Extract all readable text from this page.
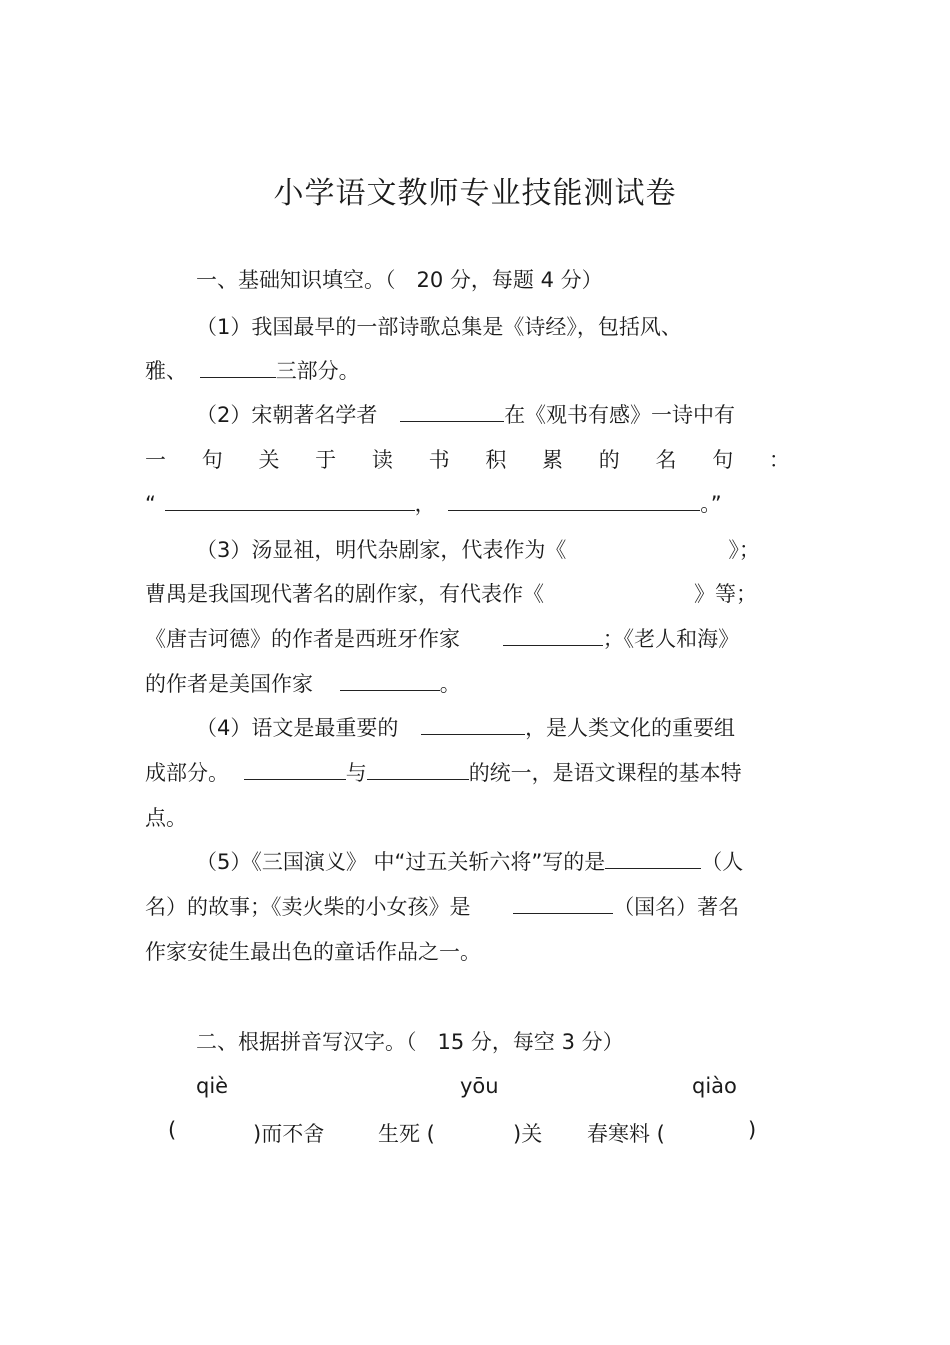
小学语文教师专业技能测试卷
一、基础知识填空。（　20 分，每题 4 分）
（1）我国最早的一部诗歌总集是《诗经》，包括风、
雅、	三部分。
（2）宋朝著名学者	在《观书有感》一诗中有
一 句 关 于 读 书 积 累 的 名 句 ：
“	，	。”
（3）汤显祖，明代杂剧家，代表作为《	》；
曹禺是我国现代著名的剧作家，有代表作《	》等；
《唐吉诃德》的作者是西班牙作家	；《老人和海》
的作者是美国作家	。
（4）语文是最重要的	，是人类文化的重要组
成部分。	与	的统一，是语文课程的基本特
点。
（5）《三国演义》 中“过五关斩六将”写的是	（人
名）的故事；《卖火柴的小女孩》是	（国名）著名
作家安徒生最出色的童话作品之一。
二、根据拼音写汉字。（　15 分，每空 3 分）
qiè	yōu	qiào
(	)而不舍	生死 (	)关 春寒料 (	)
